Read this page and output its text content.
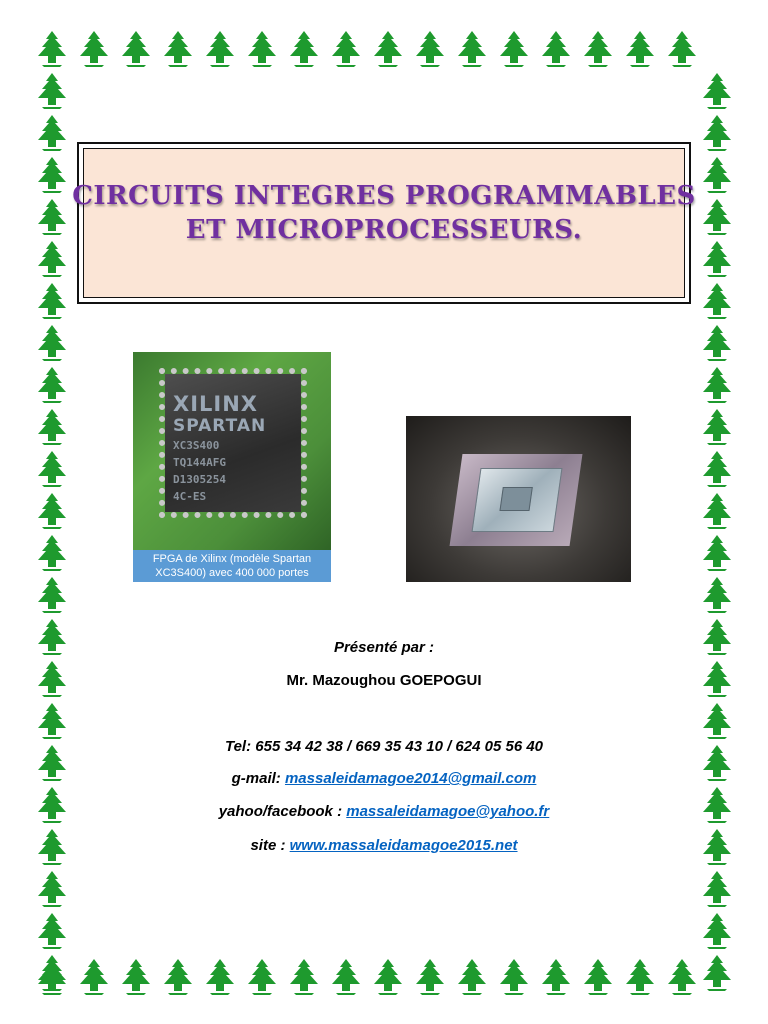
CIRCUITS INTEGRES PROGRAMMABLES
ET MICROPROCESSEURS.
XILINX
SPARTAN
XC3S400
TQ144AFG
D1305254
4C-ES
FPGA de Xilinx (modèle Spartan
XC3S400) avec 400 000 portes
Présenté par :
Mr. Mazoughou GOEPOGUI
Tel: 655 34 42 38 / 669 35 43 10 / 624 05 56 40
g-mail: massaleidamagoe2014@gmail.com
yahoo/facebook : massaleidamagoe@yahoo.fr
site : www.massaleidamagoe2015.net
